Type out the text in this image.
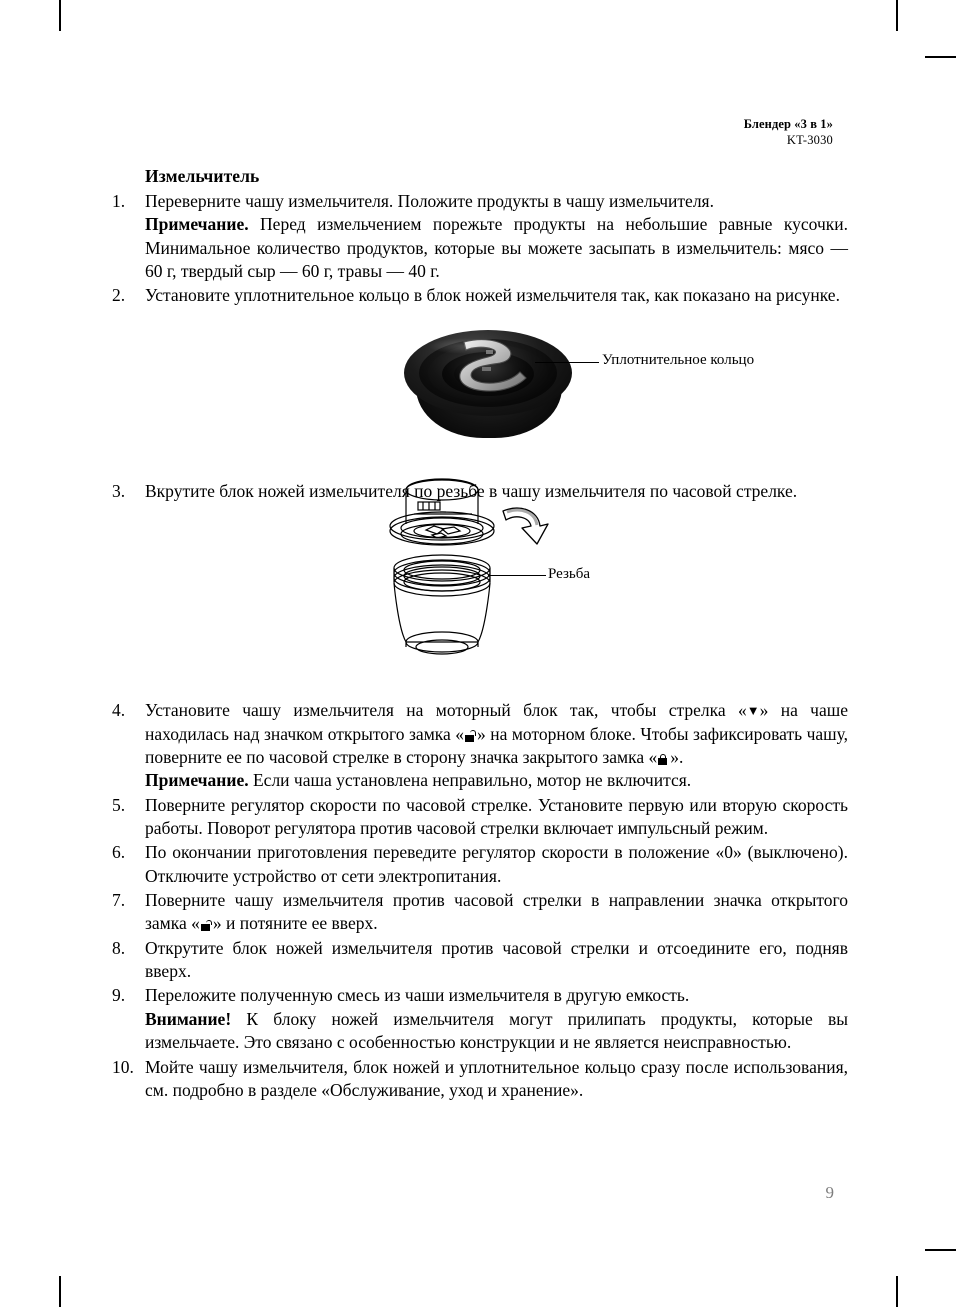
Блендер «3 в 1»
KT-3030
Измельчитель
1.	Переверните чашу измельчителя. Положите продукты в чашу измельчителя.

Примечание. Перед измельчением порежьте продукты на небольшие равные кусочки. Минимальное количество продуктов, которые вы можете засыпать в измельчитель: мясо — 60 г, твердый сыр — 60 г, травы — 40 г.

2.	Установите уплотнительное кольцо в блок ножей измельчителя так, как показано на рисунке.

3.	Вкрутите блок ножей измельчителя по резьбе в чашу измельчителя по часовой стрелке.

4.	Установите чашу измельчителя на моторный блок так, чтобы стрелка «▼» на чаше находилась над значком открытого замка « » на моторном блоке. Чтобы зафиксировать чашу, поверните ее по часовой стрелке в сторону значка закрытого замка « ».

Примечание. Если чаша установлена неправильно, мотор не включится.

5.	Поверните регулятор скорости по часовой стрелке. Установите первую или вторую скорость работы. Поворот регулятора против часовой стрелки включает импульсный режим.

6.	По окончании приготовления переведите регулятор скорости в положение «0» (выключено). Отключите устройство от сети электропитания.

7.	Поверните чашу измельчителя против часовой стрелки в направлении значка открытого замка « » и потяните ее вверх.

8.	Открутите блок ножей измельчителя против часовой стрелки и отсоедините его, подняв вверх.

9.	Переложите полученную смесь из чаши измельчителя в другую емкость.

Внимание! К блоку ножей измельчителя могут прилипать продукты, которые вы измельчаете. Это связано с особенностью конструкции и не является неисправностью.

10. Мойте чашу измельчителя, блок ножей и уплотнительное кольцо сразу после использования, см. подробно в разделе «Обслуживание, уход и хранение».

Уплотнительное кольцо
Резьба
9
